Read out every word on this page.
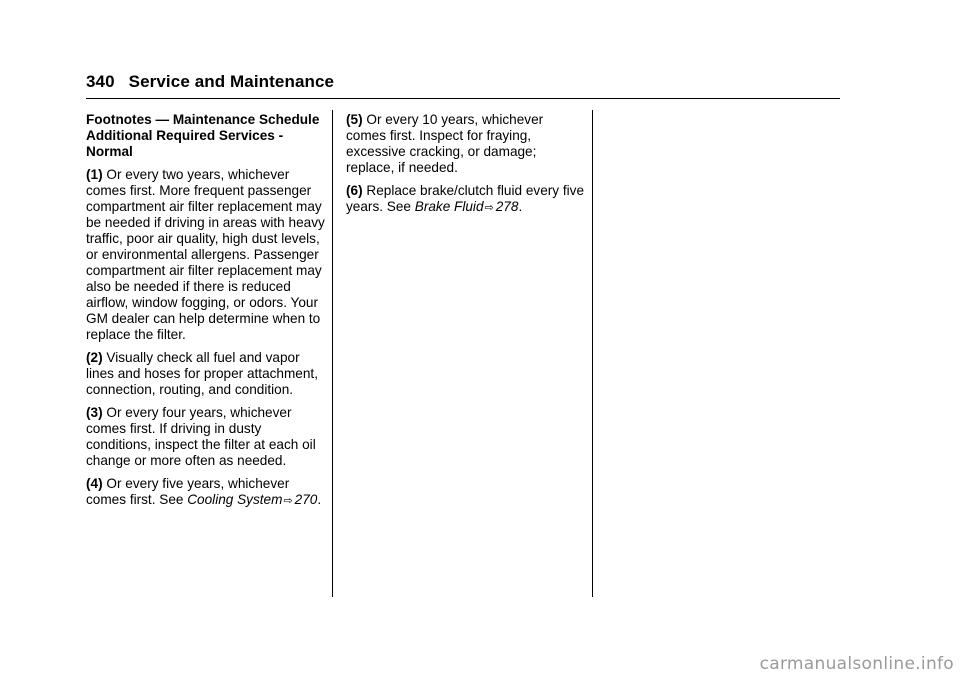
340 Service and Maintenance
Footnotes — Maintenance Schedule Additional Required Services - Normal
(1) Or every two years, whichever comes first. More frequent passenger compartment air filter replacement may be needed if driving in areas with heavy traffic, poor air quality, high dust levels, or environmental allergens. Passenger compartment air filter replacement may also be needed if there is reduced airflow, window fogging, or odors. Your GM dealer can help determine when to replace the filter.
(2) Visually check all fuel and vapor lines and hoses for proper attachment, connection, routing, and condition.
(3) Or every four years, whichever comes first. If driving in dusty conditions, inspect the filter at each oil change or more often as needed.
(4) Or every five years, whichever comes first. See Cooling System⇨ 270.
(5) Or every 10 years, whichever comes first. Inspect for fraying, excessive cracking, or damage; replace, if needed.
(6) Replace brake/clutch fluid every five years. See Brake Fluid⇨ 278.
carmanualsonline.info
